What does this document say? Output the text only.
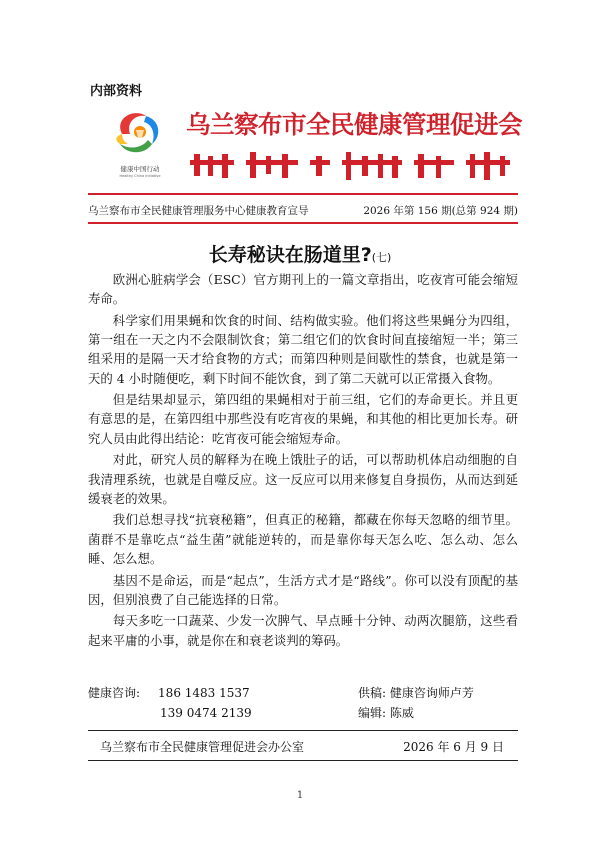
内部资料
健康中国行动
Healthy China Initiative
乌兰察布市全民健康管理促进会
乌兰察布市全民健康管理服务中心健康教育宣导	2026 年第 156 期(总第 924 期)
长寿秘诀在肠道里?(七)

欧洲心脏病学会（ESC）官方期刊上的一篇文章指出，吃夜宵可能会缩短寿命。

科学家们用果蝇和饮食的时间、结构做实验。他们将这些果蝇分为四组，第一组在一天之内不会限制饮食；第二组它们的饮食时间直接缩短一半；第三组采用的是隔一天才给食物的方式；而第四种则是间歇性的禁食，也就是第一天的 4 小时随便吃，剩下时间不能饮食，到了第二天就可以正常摄入食物。

但是结果却显示，第四组的果蝇相对于前三组，它们的寿命更长。并且更有意思的是，在第四组中那些没有吃宵夜的果蝇，和其他的相比更加长寿。研究人员由此得出结论：吃宵夜可能会缩短寿命。

对此，研究人员的解释为在晚上饿肚子的话，可以帮助机体启动细胞的自我清理系统，也就是自噬反应。这一反应可以用来修复自身损伤，从而达到延缓衰老的效果。

我们总想寻找“抗衰秘籍”，但真正的秘籍，都藏在你每天忽略的细节里。菌群不是靠吃点“益生菌”就能逆转的，而是靠你每天怎么吃、怎么动、怎么睡、怎么想。

基因不是命运，而是“起点”，生活方式才是“路线”。你可以没有顶配的基因，但别浪费了自己能选择的日常。

每天多吃一口蔬菜、少发一次脾气、早点睡十分钟、动两次腿筋，这些看起来平庸的小事，就是你在和衰老谈判的筹码。

健康咨询: 186 1483 1537	供稿: 健康咨询师卢芳
139 0474 2139	编辑: 陈威
乌兰察布市全民健康管理促进会办公室	2026 年 6 月 9 日
1
